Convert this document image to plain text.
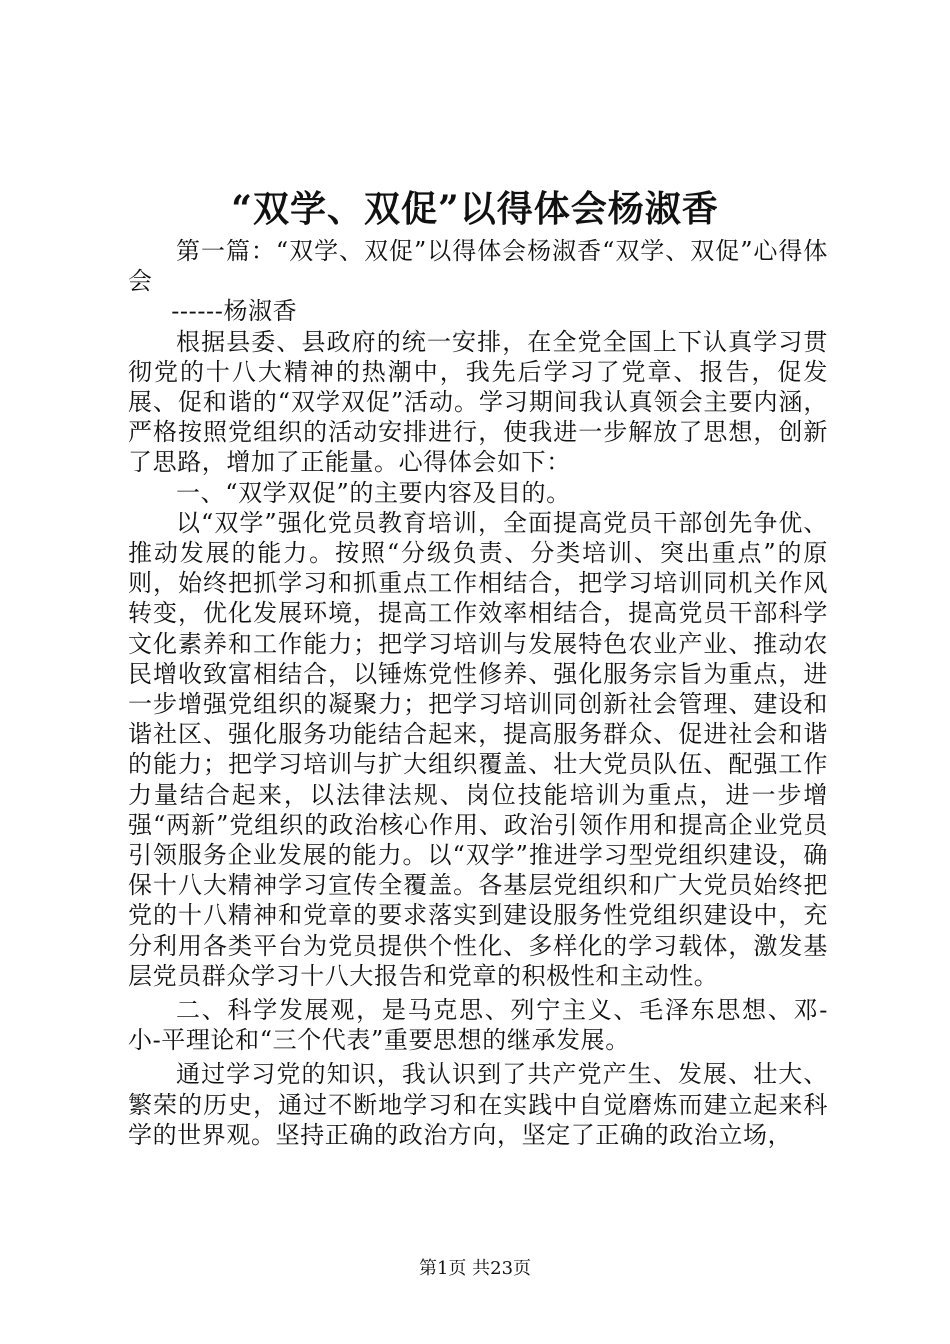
“双学、双促”以得体会杨淑香

第一篇：“双学、双促”以得体会杨淑香“双学、双促”心得体会

------杨淑香

根据县委、县政府的统一安排，在全党全国上下认真学习贯彻党的十八大精神的热潮中，我先后学习了党章、报告，促发展、促和谐的“双学双促”活动。学习期间我认真领会主要内涵，严格按照党组织的活动安排进行，使我进一步解放了思想，创新了思路，增加了正能量。心得体会如下：

一、“双学双促”的主要内容及目的。

以“双学”强化党员教育培训，全面提高党员干部创先争优、推动发展的能力。按照“分级负责、分类培训、突出重点”的原则，始终把抓学习和抓重点工作相结合，把学习培训同机关作风转变，优化发展环境，提高工作效率相结合，提高党员干部科学文化素养和工作能力；把学习培训与发展特色农业产业、推动农民增收致富相结合，以锤炼党性修养、强化服务宗旨为重点，进一步增强党组织的凝聚力；把学习培训同创新社会管理、建设和谐社区、强化服务功能结合起来，提高服务群众、促进社会和谐的能力；把学习培训与扩大组织覆盖、壮大党员队伍、配强工作力量结合起来，以法律法规、岗位技能培训为重点，进一步增强“两新”党组织的政治核心作用、政治引领作用和提高企业党员引领服务企业发展的能力。以“双学”推进学习型党组织建设，确保十八大精神学习宣传全覆盖。各基层党组织和广大党员始终把党的十八精神和党章的要求落实到建设服务性党组织建设中，充分利用各类平台为党员提供个性化、多样化的学习载体，激发基层党员群众学习十八大报告和党章的积极性和主动性。

二、科学发展观，是马克思、列宁主义、毛泽东思想、邓-小-平理论和“三个代表”重要思想的继承发展。

通过学习党的知识，我认识到了共产党产生、发展、壮大、繁荣的历史，通过不断地学习和在实践中自觉磨炼而建立起来科学的世界观。坚持正确的政治方向，坚定了正确的政治立场，

第1页 共23页
